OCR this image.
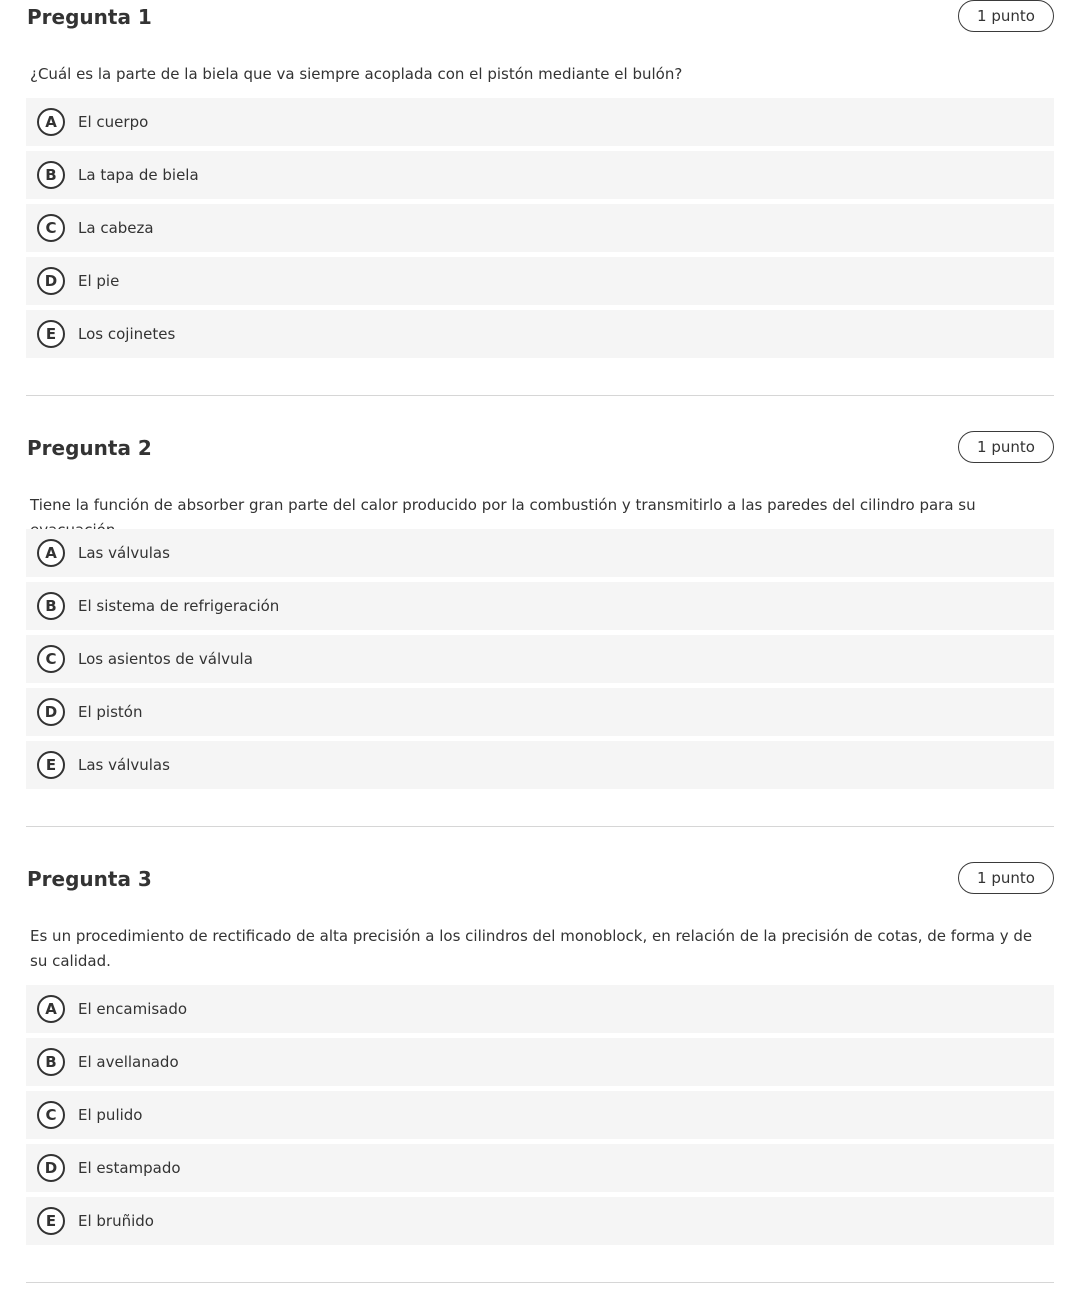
Pregunta 1	1 punto

¿Cuál es la parte de la biela que va siempre acoplada con el pistón mediante el bulón?

A	El cuerpo
B	La tapa de biela
C	La cabeza
D	El pie
E	Los cojinetes
Pregunta 2	1 punto

Tiene la función de absorber gran parte del calor producido por la combustión y transmitirlo a las paredes del cilindro para su

A	Las válvulas
B	El sistema de refrigeración
C	Los asientos de válvula
D	El pistón
E	Las válvulas
Pregunta 3	1 punto

Es un procedimiento de rectificado de alta precisión a los cilindros del monoblock, en relación de la precisión de cotas, de forma y de su calidad.

A	El encamisado
B	El avellanado
C	El pulido
D	El estampado
E	El bruñido
